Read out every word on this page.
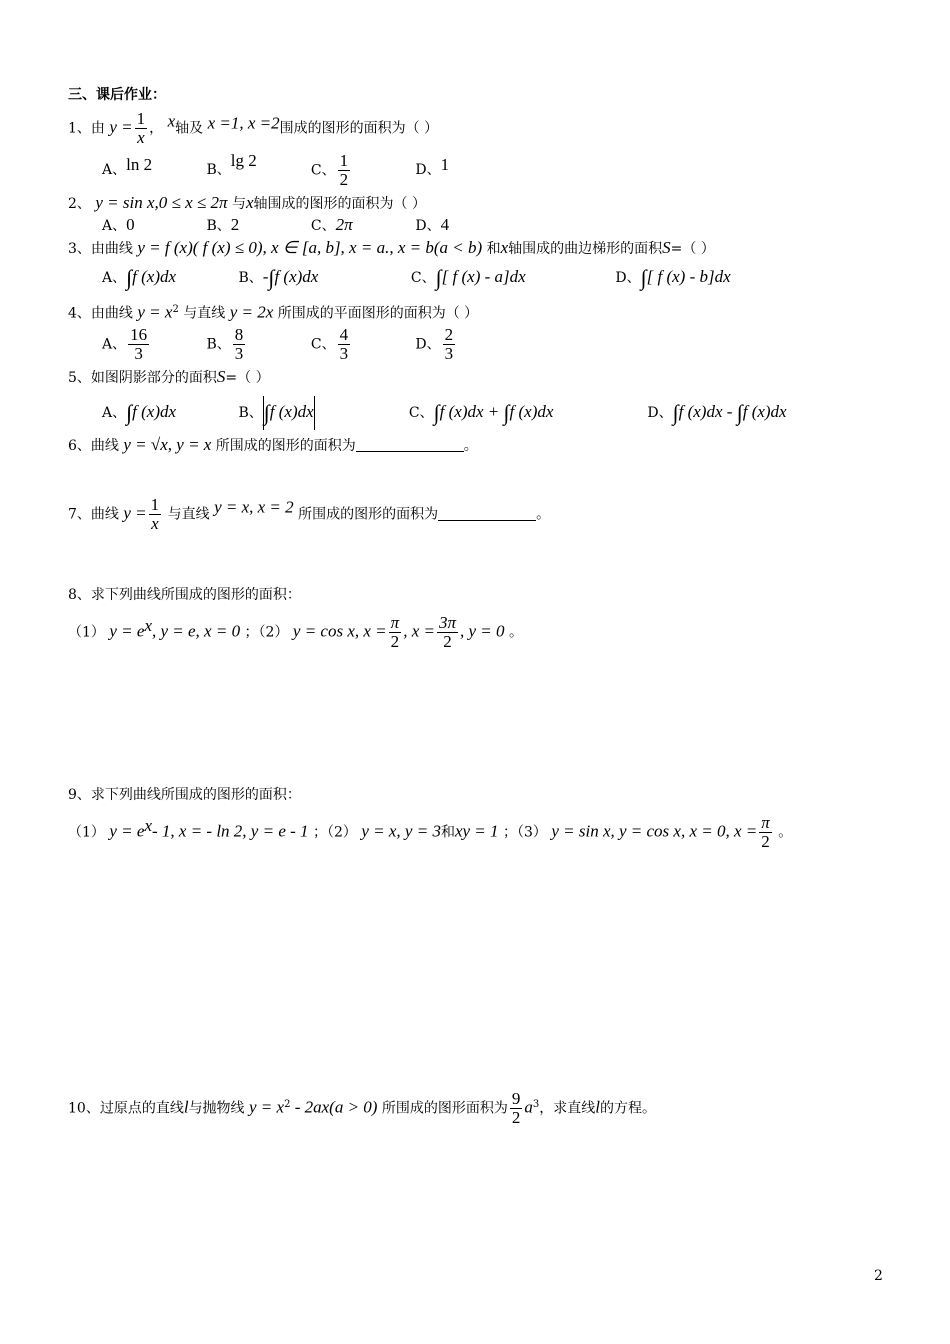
三、课后作业：
1、由 $y = \frac{1}{x}$ ， x轴及 x =1, x =2围成的图形的面积为（ ）
A、ln 2	B、lg 2	C、 $\frac{1}{2}$	D、1
2、 y = sin x,0 ≤ x ≤ 2π 与x轴围成的图形的面积为（ ）
A、0	B、2	C、2π	D、4
3、由曲线 y = f (x)( f (x) ≤ 0), x ∈ [a, b], x = a., x = b(a < b) 和x轴围成的曲边梯形的面积S=（ ）
A、∫f (x)dx	B、-∫f (x)dx	C、∫[ f (x) - a]dx	D、∫[ f (x) - b]dx
4、由曲线 $y = x^2$ 与直线 y = 2x 所围成的平面图形的面积为（ ）
A、 $\frac{16}{3}$	B、 $\frac{8}{3}$	C、 $\frac{4}{3}$	D、 $\frac{2}{3}$
5、如图阴影部分的面积S=（ ）
A、∫f (x)dx	B、∫f (x)dx	C、∫f (x)dx + ∫f (x)dx	D、∫f (x)dx - ∫f (x)dx
6、曲线 y = √x, y = x 所围成的图形的面积为	。
7、曲线 $y = \frac{1}{x}$ 与直线 y = x, x = 2 所围成的图形的面积为	。
8、求下列曲线所围成的图形的面积：
（1） $y = e^x$, y = e, x = 0 ；（2） y = cos x, $x = \frac{\pi}{2}$ , $x = \frac{3\pi}{2}$ , y = 0 。
9、求下列曲线所围成的图形的面积：
（1） $y = e^x-$ 1, x = - ln 2, y = e - 1 ；（2） y = x, y = 3和xy = 1 ；（3） y = sin x, y = cos x, x = 0, $x = \frac{\pi}{2}$ 。
10、过原点的直线l与抛物线 $y = x^2 - 2ax(a > 0)$ 所围成的图形面积为 $\frac{9}{2} a^3$，求直线l的方程。
2
